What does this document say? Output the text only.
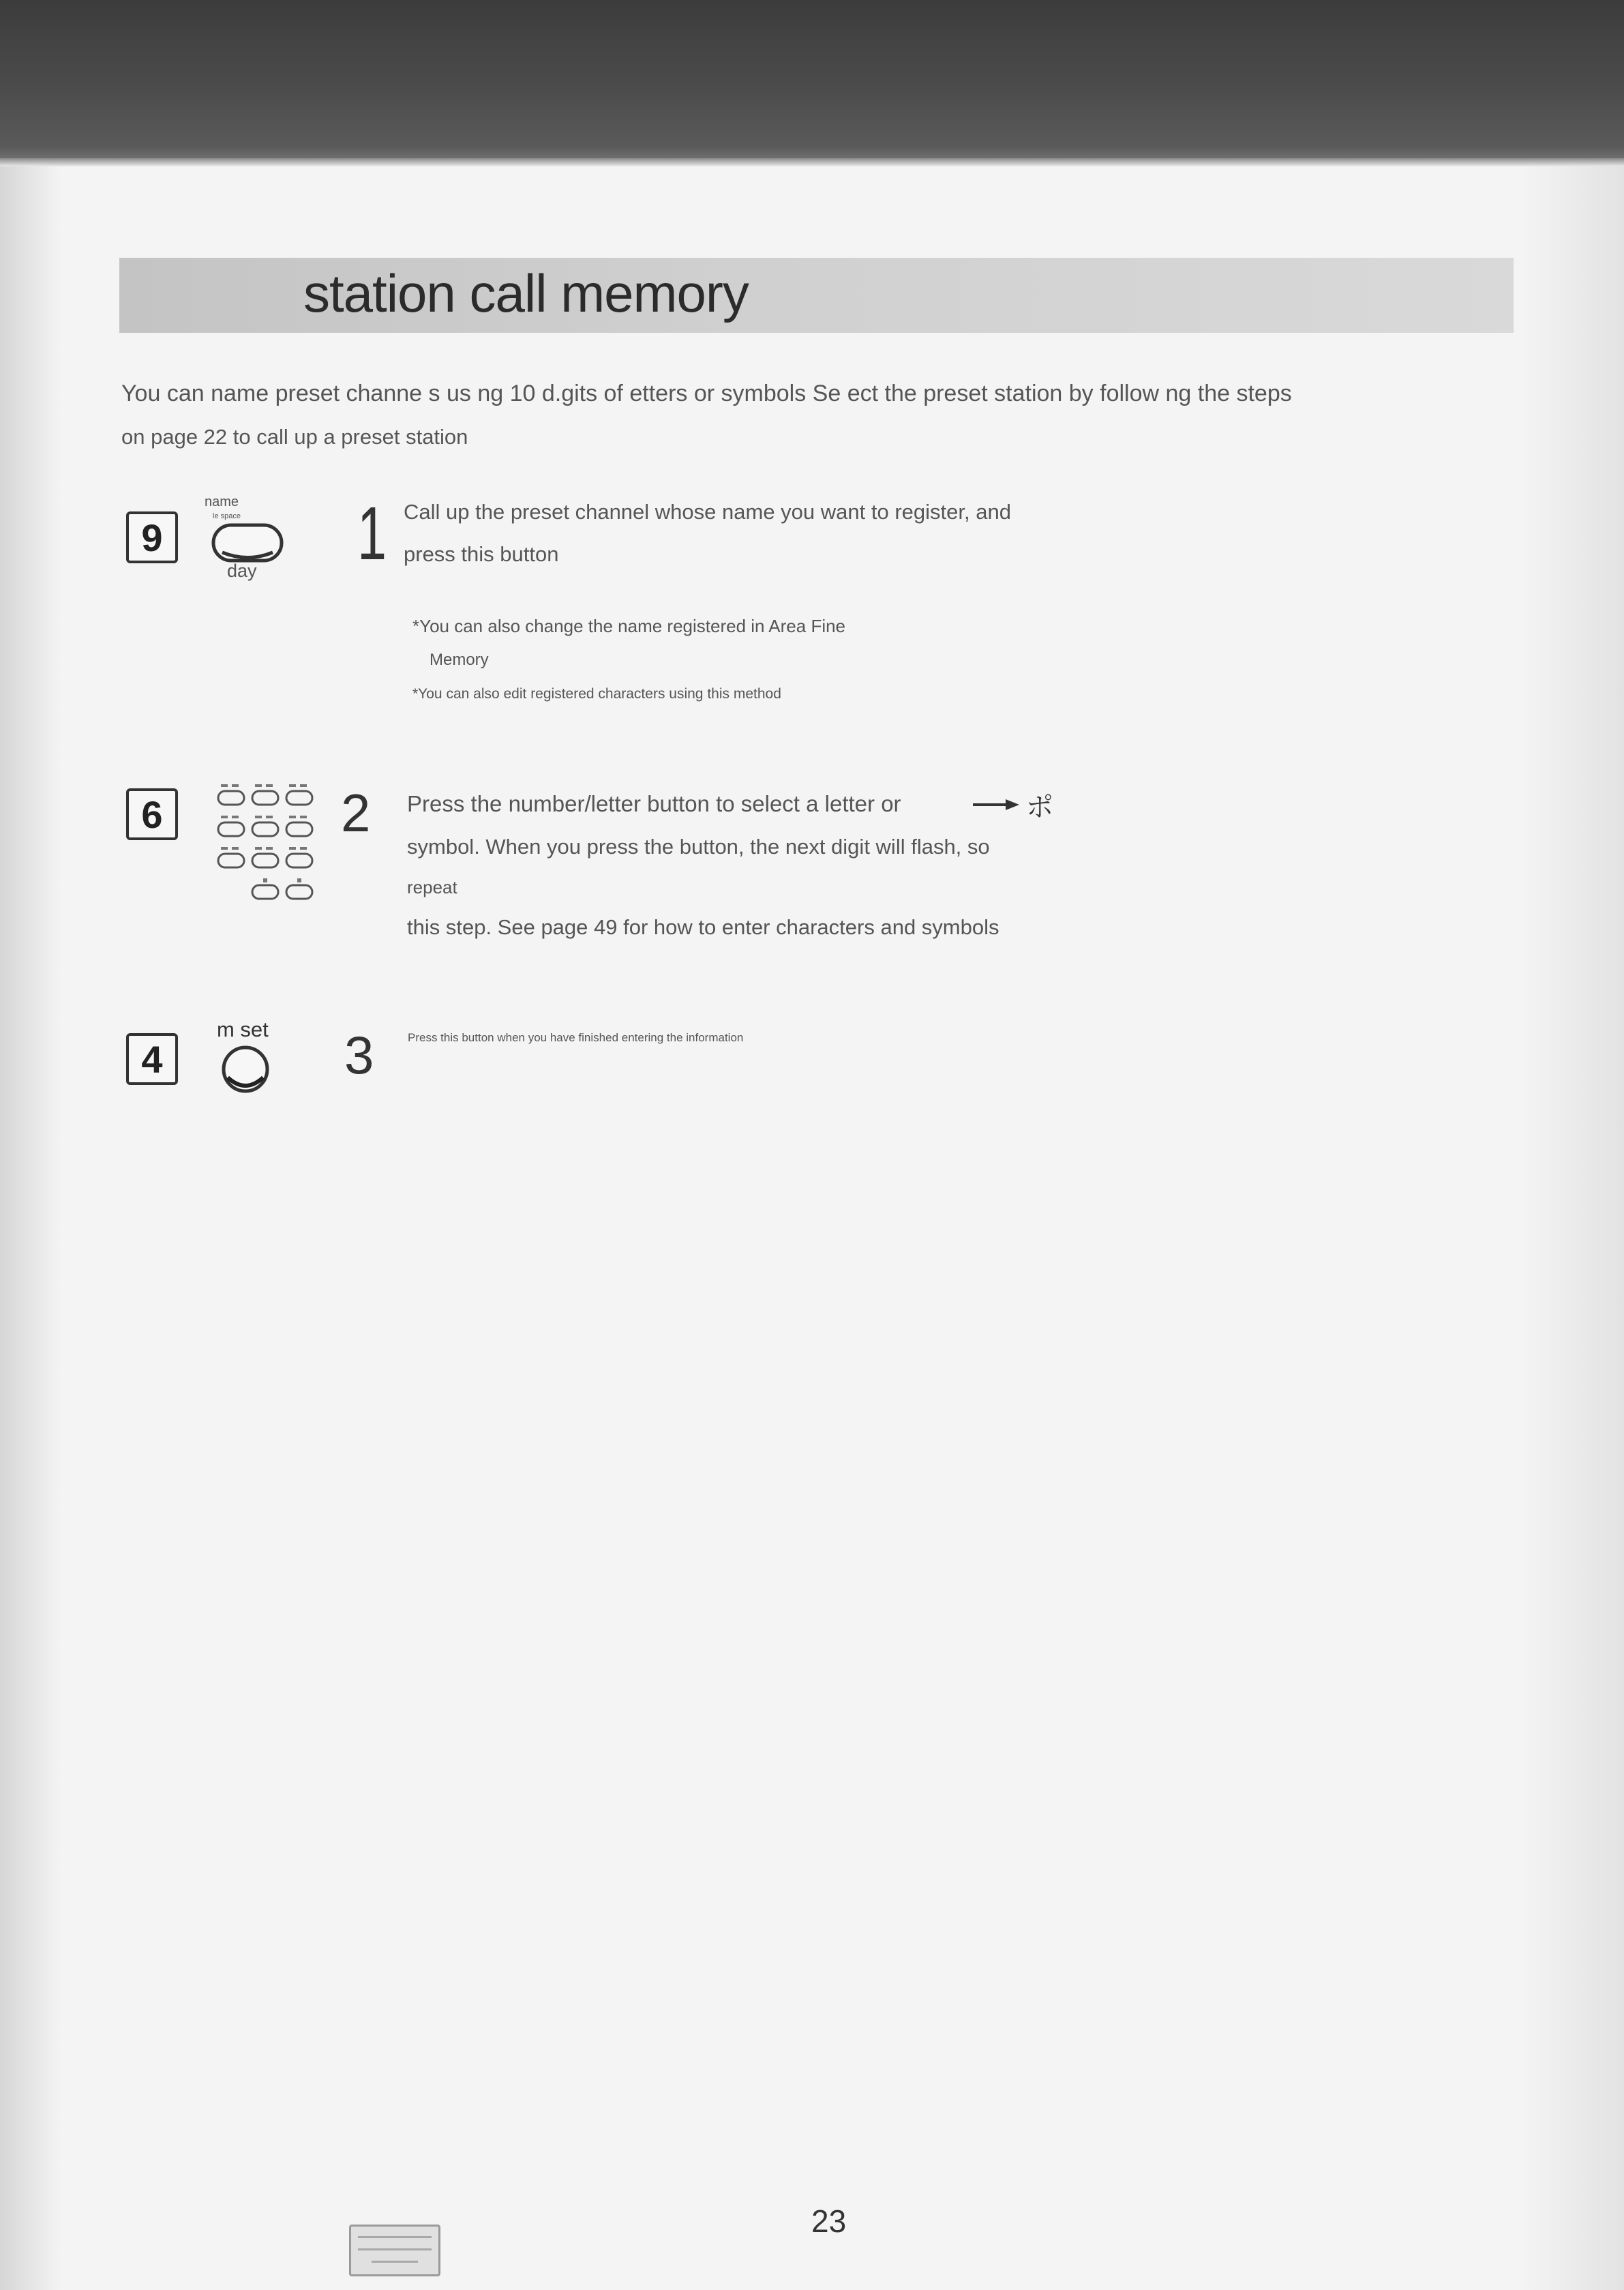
station call memory

You can name preset channe s us ng 10 d.gits of etters or symbols Se ect the preset station by follow ng the steps

on page 22 to call up a preset station

9
name
le space
day 1 Call up the preset channel whose name you want to register, and

press this button

*You can also change the name registered in Area Fine

Memory

*You can also edit registered characters using this method

6	2 Press the number/letter button to select a letter or

symbol. When you press the button, the next digit will flash, so

repeat

this step. See page 49 for how to enter characters and symbols

ポ
4
m set 3	Press this button when you have finished entering the information

23
